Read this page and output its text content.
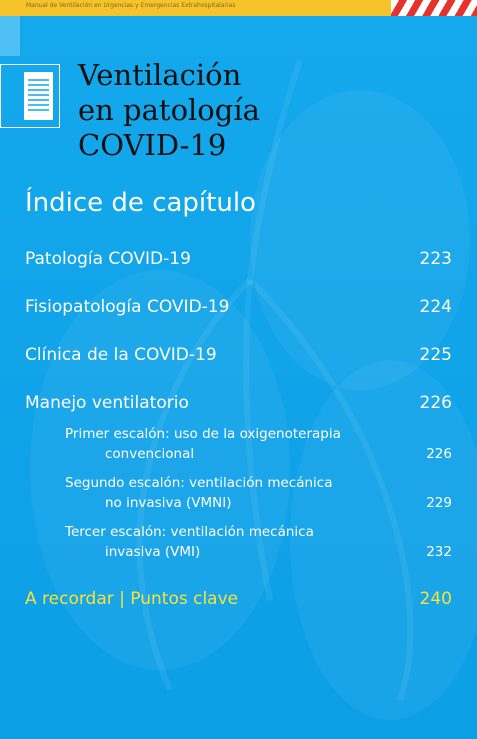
Manual de Ventilación en Urgencias y Emergencias Extrahospitalarias
Ventilación
en patología
COVID-19
Índice de capítulo
Patología COVID-19	223
Fisiopatología COVID-19	224
Clínica de la COVID-19	225
Manejo ventilatorio	226
Primer escalón: uso de la oxigenoterapia
convencional	226
Segundo escalón: ventilación mecánica
no invasiva (VMNI)	229
Tercer escalón: ventilación mecánica
invasiva (VMI)	232
A recordar | Puntos clave	240
